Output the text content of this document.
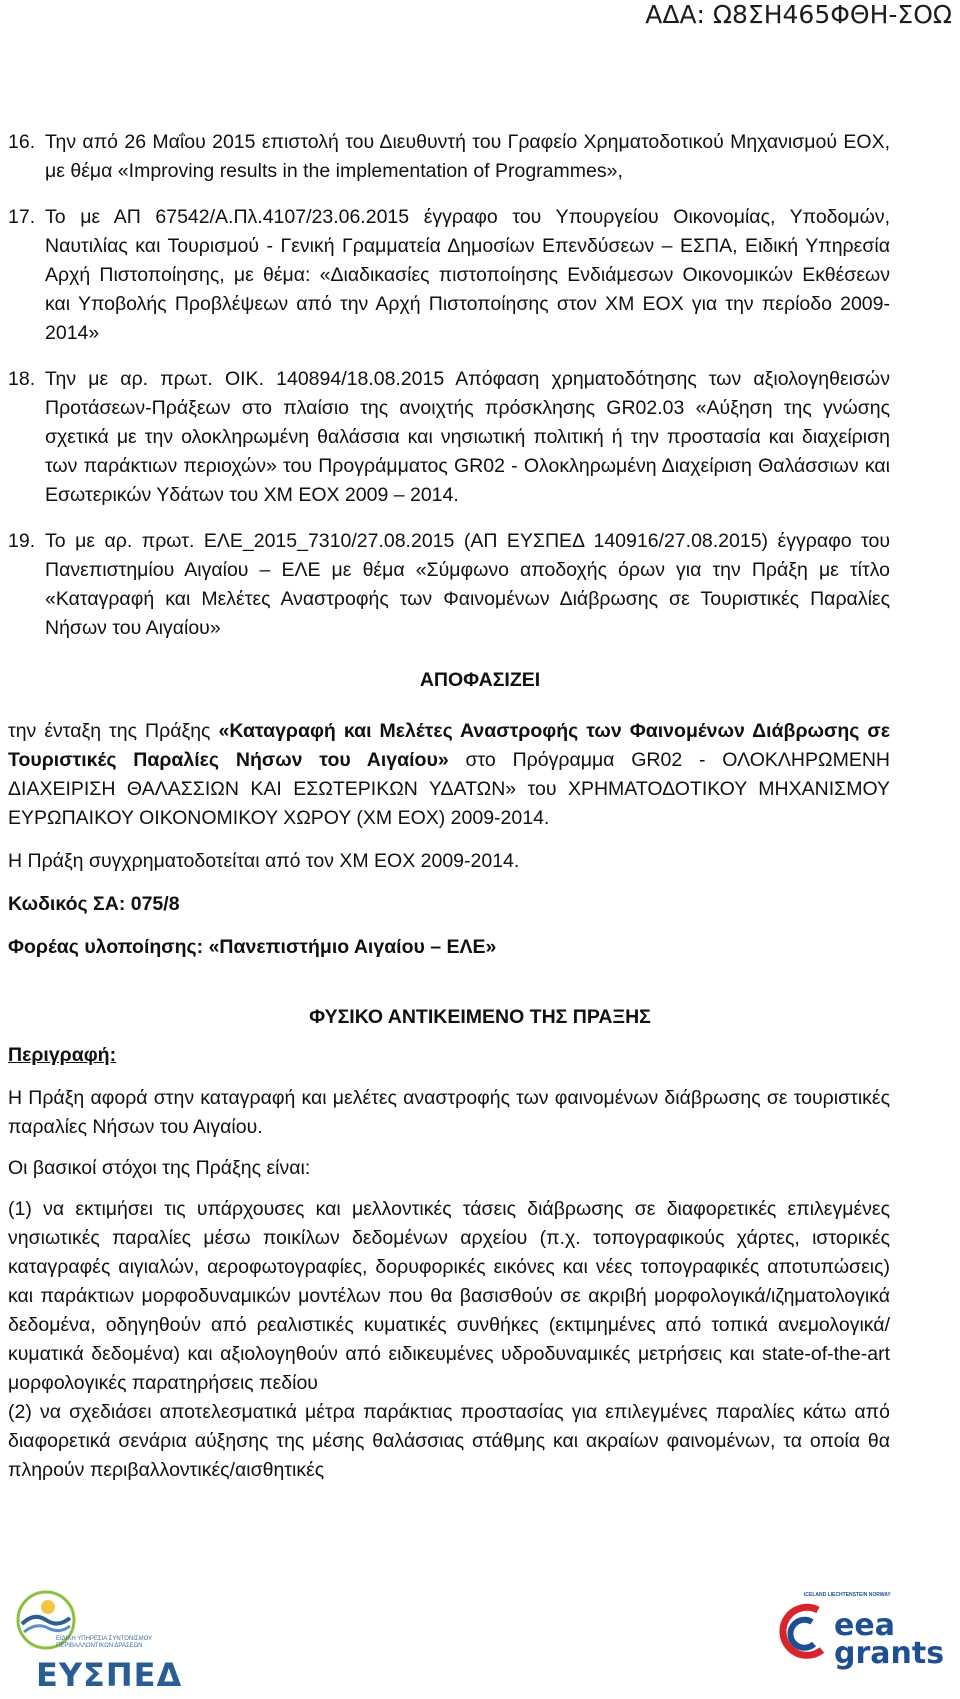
ΑΔΑ: Ω8ΣΗ465ΦΘΗ-ΣΟΩ
16. Την από 26 Μαΐου 2015 επιστολή του Διευθυντή του Γραφείο Χρηματοδοτικού Μηχανισμού ΕΟΧ, με θέμα «Improving results in the implementation of Programmes»,
17. Το με ΑΠ 67542/Α.Πλ.4107/23.06.2015 έγγραφο του Υπουργείου Οικονομίας, Υποδομών, Ναυτιλίας και Τουρισμού - Γενική Γραμματεία Δημοσίων Επενδύσεων – ΕΣΠΑ, Ειδική Υπηρεσία Αρχή Πιστοποίησης, με θέμα: «Διαδικασίες πιστοποίησης Ενδιάμεσων Οικονομικών Εκθέσεων και Υποβολής Προβλέψεων από την Αρχή Πιστοποίησης στον ΧΜ ΕΟΧ για την περίοδο 2009-2014»
18. Την με αρ. πρωτ. ΟΙΚ. 140894/18.08.2015 Απόφαση χρηματοδότησης των αξιολογηθεισών Προτάσεων-Πράξεων στο πλαίσιο της ανοιχτής πρόσκλησης GR02.03 «Αύξηση της γνώσης σχετικά με την ολοκληρωμένη θαλάσσια και νησιωτική πολιτική ή την προστασία και διαχείριση των παράκτιων περιοχών» του Προγράμματος GR02 - Ολοκληρωμένη Διαχείριση Θαλάσσιων και Εσωτερικών Υδάτων του ΧΜ ΕΟΧ 2009 – 2014.
19. Το με αρ. πρωτ. ΕΛΕ_2015_7310/27.08.2015 (ΑΠ ΕΥΣΠΕΔ 140916/27.08.2015) έγγραφο του Πανεπιστημίου Αιγαίου – ΕΛΕ με θέμα «Σύμφωνο αποδοχής όρων για την Πράξη με τίτλο «Καταγραφή και Μελέτες Αναστροφής των Φαινομένων Διάβρωσης σε Τουριστικές Παραλίες Νήσων του Αιγαίου»
ΑΠΟΦΑΣΙΖΕΙ
την ένταξη της Πράξης «Καταγραφή και Μελέτες Αναστροφής των Φαινομένων Διάβρωσης σε Τουριστικές Παραλίες Νήσων του Αιγαίου» στο Πρόγραμμα GR02 - ΟΛΟΚΛΗΡΩΜΕΝΗ ΔΙΑΧΕΙΡΙΣΗ ΘΑΛΑΣΣΙΩΝ ΚΑΙ ΕΣΩΤΕΡΙΚΩΝ ΥΔΑΤΩΝ» του ΧΡΗΜΑΤΟΔΟΤΙΚΟΥ ΜΗΧΑΝΙΣΜΟΥ ΕΥΡΩΠΑΙΚΟΥ ΟΙΚΟΝΟΜΙΚΟΥ ΧΩΡΟΥ (ΧΜ ΕΟΧ) 2009-2014.
Η Πράξη συγχρηματοδοτείται από τον ΧΜ ΕΟΧ 2009-2014.
Κωδικός ΣΑ: 075/8
Φορέας υλοποίησης: «Πανεπιστήμιο Αιγαίου – ΕΛΕ»
ΦΥΣΙΚΟ ΑΝΤΙΚΕΙΜΕΝΟ ΤΗΣ ΠΡΑΞΗΣ
Περιγραφή:
Η Πράξη αφορά στην καταγραφή και μελέτες αναστροφής των φαινομένων διάβρωσης σε τουριστικές παραλίες Νήσων του Αιγαίου.
Οι βασικοί στόχοι της Πράξης είναι:
(1) να εκτιμήσει τις υπάρχουσες και μελλοντικές τάσεις διάβρωσης σε διαφορετικές επιλεγμένες νησιωτικές παραλίες μέσω ποικίλων δεδομένων αρχείου (π.χ. τοπογραφικούς χάρτες, ιστορικές καταγραφές αιγιαλών, αεροφωτογραφίες, δορυφορικές εικόνες και νέες τοπογραφικές αποτυπώσεις) και παράκτιων μορφοδυναμικών μοντέλων που θα βασισθούν σε ακριβή μορφολογικά/ιζηματολογικά δεδομένα, οδηγηθούν από ρεαλιστικές κυματικές συνθήκες (εκτιμημένες από τοπικά ανεμολογικά/κυματικά δεδομένα) και αξιολογηθούν από ειδικευμένες υδροδυναμικές μετρήσεις και state-of-the-art μορφολογικές παρατηρήσεις πεδίου
(2) να σχεδιάσει αποτελεσματικά μέτρα παράκτιας προστασίας για επιλεγμένες παραλίες κάτω από διαφορετικά σενάρια αύξησης της μέσης θαλάσσιας στάθμης και ακραίων φαινομένων, τα οποία θα πληρούν περιβαλλοντικές/αισθητικές
ΕΙΔΙΚΗ ΥΠΗΡΕΣΙΑ ΣΥΝΤΟΝΙΣΜΟΥ ΠΕΡΙΒΑΛΛΟΝΤΙΚΩΝ ΔΡΑΣΕΩΝ
ΕΥΣΠΕΔ
ICELAND LIECHTENSTEIN NORWAY
eea
grants
